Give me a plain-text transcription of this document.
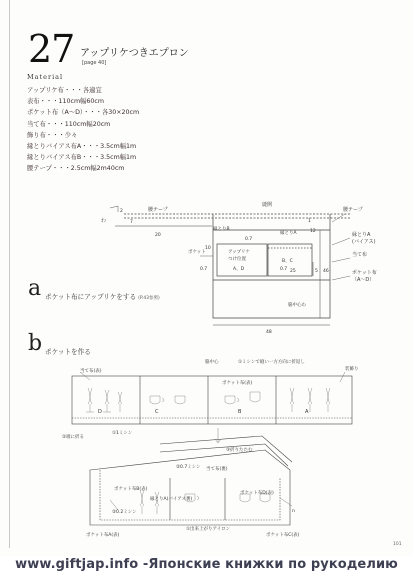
27 アップリケつきエプロン
[page 40]
Material
アップリケ布・・・各適宜
表布・・・110cm幅60cm
ポケット布（A〜D）・・・各30×20cm
当て布・・・110cm幅20cm
飾り布・・・少々
縁とりバイアス布A・・・3.5cm幅1m
縁とりバイアス布B・・・3.5cm幅1m
腰テープ・・・2.5cm幅2m40cm
わ
腰テープ	腰テープ
縫開
縁とりB
縁とりA	縁とりA
(バイアス)
アップリケ
つけ位置
A、D
B、C
ポケット	当て布
ポケット布
（A〜D）
脇中心わ
2
7
20
0.7
1
12
10
0.7	0.7 25	5 46
48
a ポケット布にアップリケをする (P.43参照)
b ポケットを作る
当て布(表)
脇中心	①ミシンで縫い一方方向に折返し
装飾り
ポケット布(表)
D	C	B	A
②端に折る
①1ミシン
③折りたたむ
②0.7ミシン 当て布(裏)
ポケット布B(表)
縁とりA(バイアス裏)
ポケット布D(表)
②0.2ミシン	n
①出来上がりアイロン
ポケット布A(表)	ポケット布C(表)
101
www.giftjap.info -Японские книжки по рукоделию
